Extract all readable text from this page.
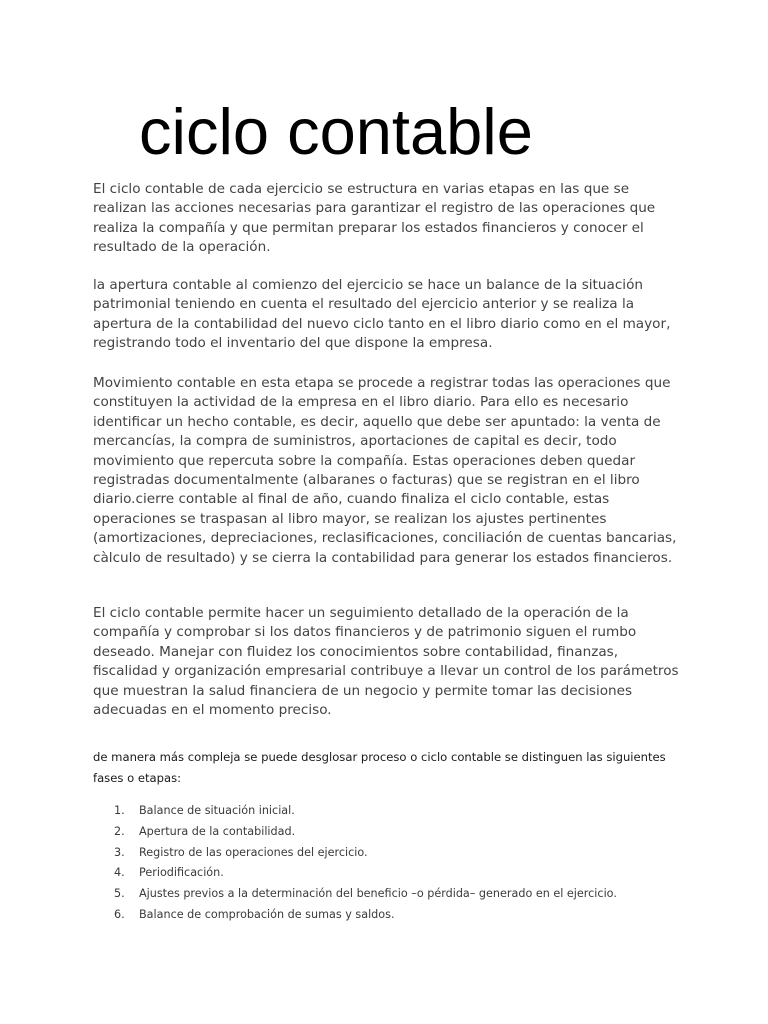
ciclo contable

El ciclo contable de cada ejercicio se estructura en varias etapas en las que se realizan las acciones necesarias para garantizar el registro de las operaciones que realiza la compañía y que permitan preparar los estados financieros y conocer el resultado de la operación.

la apertura contable al comienzo del ejercicio se hace un balance de la situación patrimonial teniendo en cuenta el resultado del ejercicio anterior y se realiza la apertura de la contabilidad del nuevo ciclo tanto en el libro diario como en el mayor, registrando todo el inventario del que dispone la empresa.

Movimiento contable en esta etapa se procede a registrar todas las operaciones que constituyen la actividad de la empresa en el libro diario. Para ello es necesario identificar un hecho contable, es decir, aquello que debe ser apuntado: la venta de mercancías, la compra de suministros, aportaciones de capital es decir, todo movimiento que repercuta sobre la compañía. Estas operaciones deben quedar registradas documentalmente (albaranes o facturas) que se registran en el libro diario.cierre contable al final de año, cuando finaliza el ciclo contable, estas operaciones se traspasan al libro mayor, se realizan los ajustes pertinentes (amortizaciones, depreciaciones, reclasificaciones, conciliación de cuentas bancarias, càlculo de resultado) y se cierra la contabilidad para generar los estados financieros.

El ciclo contable permite hacer un seguimiento detallado de la operación de la compañía y comprobar si los datos financieros y de patrimonio siguen el rumbo deseado. Manejar con fluidez los conocimientos sobre contabilidad, finanzas, fiscalidad y organización empresarial contribuye a llevar un control de los parámetros que muestran la salud financiera de un negocio y permite tomar las decisiones adecuadas en el momento preciso.

de manera más compleja se puede desglosar proceso o ciclo contable se distinguen las siguientes fases o etapas:

1.	Balance de situación inicial.
2.	Apertura de la contabilidad.
3.	Registro de las operaciones del ejercicio.
4.	Periodificación.
5.	Ajustes previos a la determinación del beneficio –o pérdida– generado en el ejercicio.
6.	Balance de comprobación de sumas y saldos.
